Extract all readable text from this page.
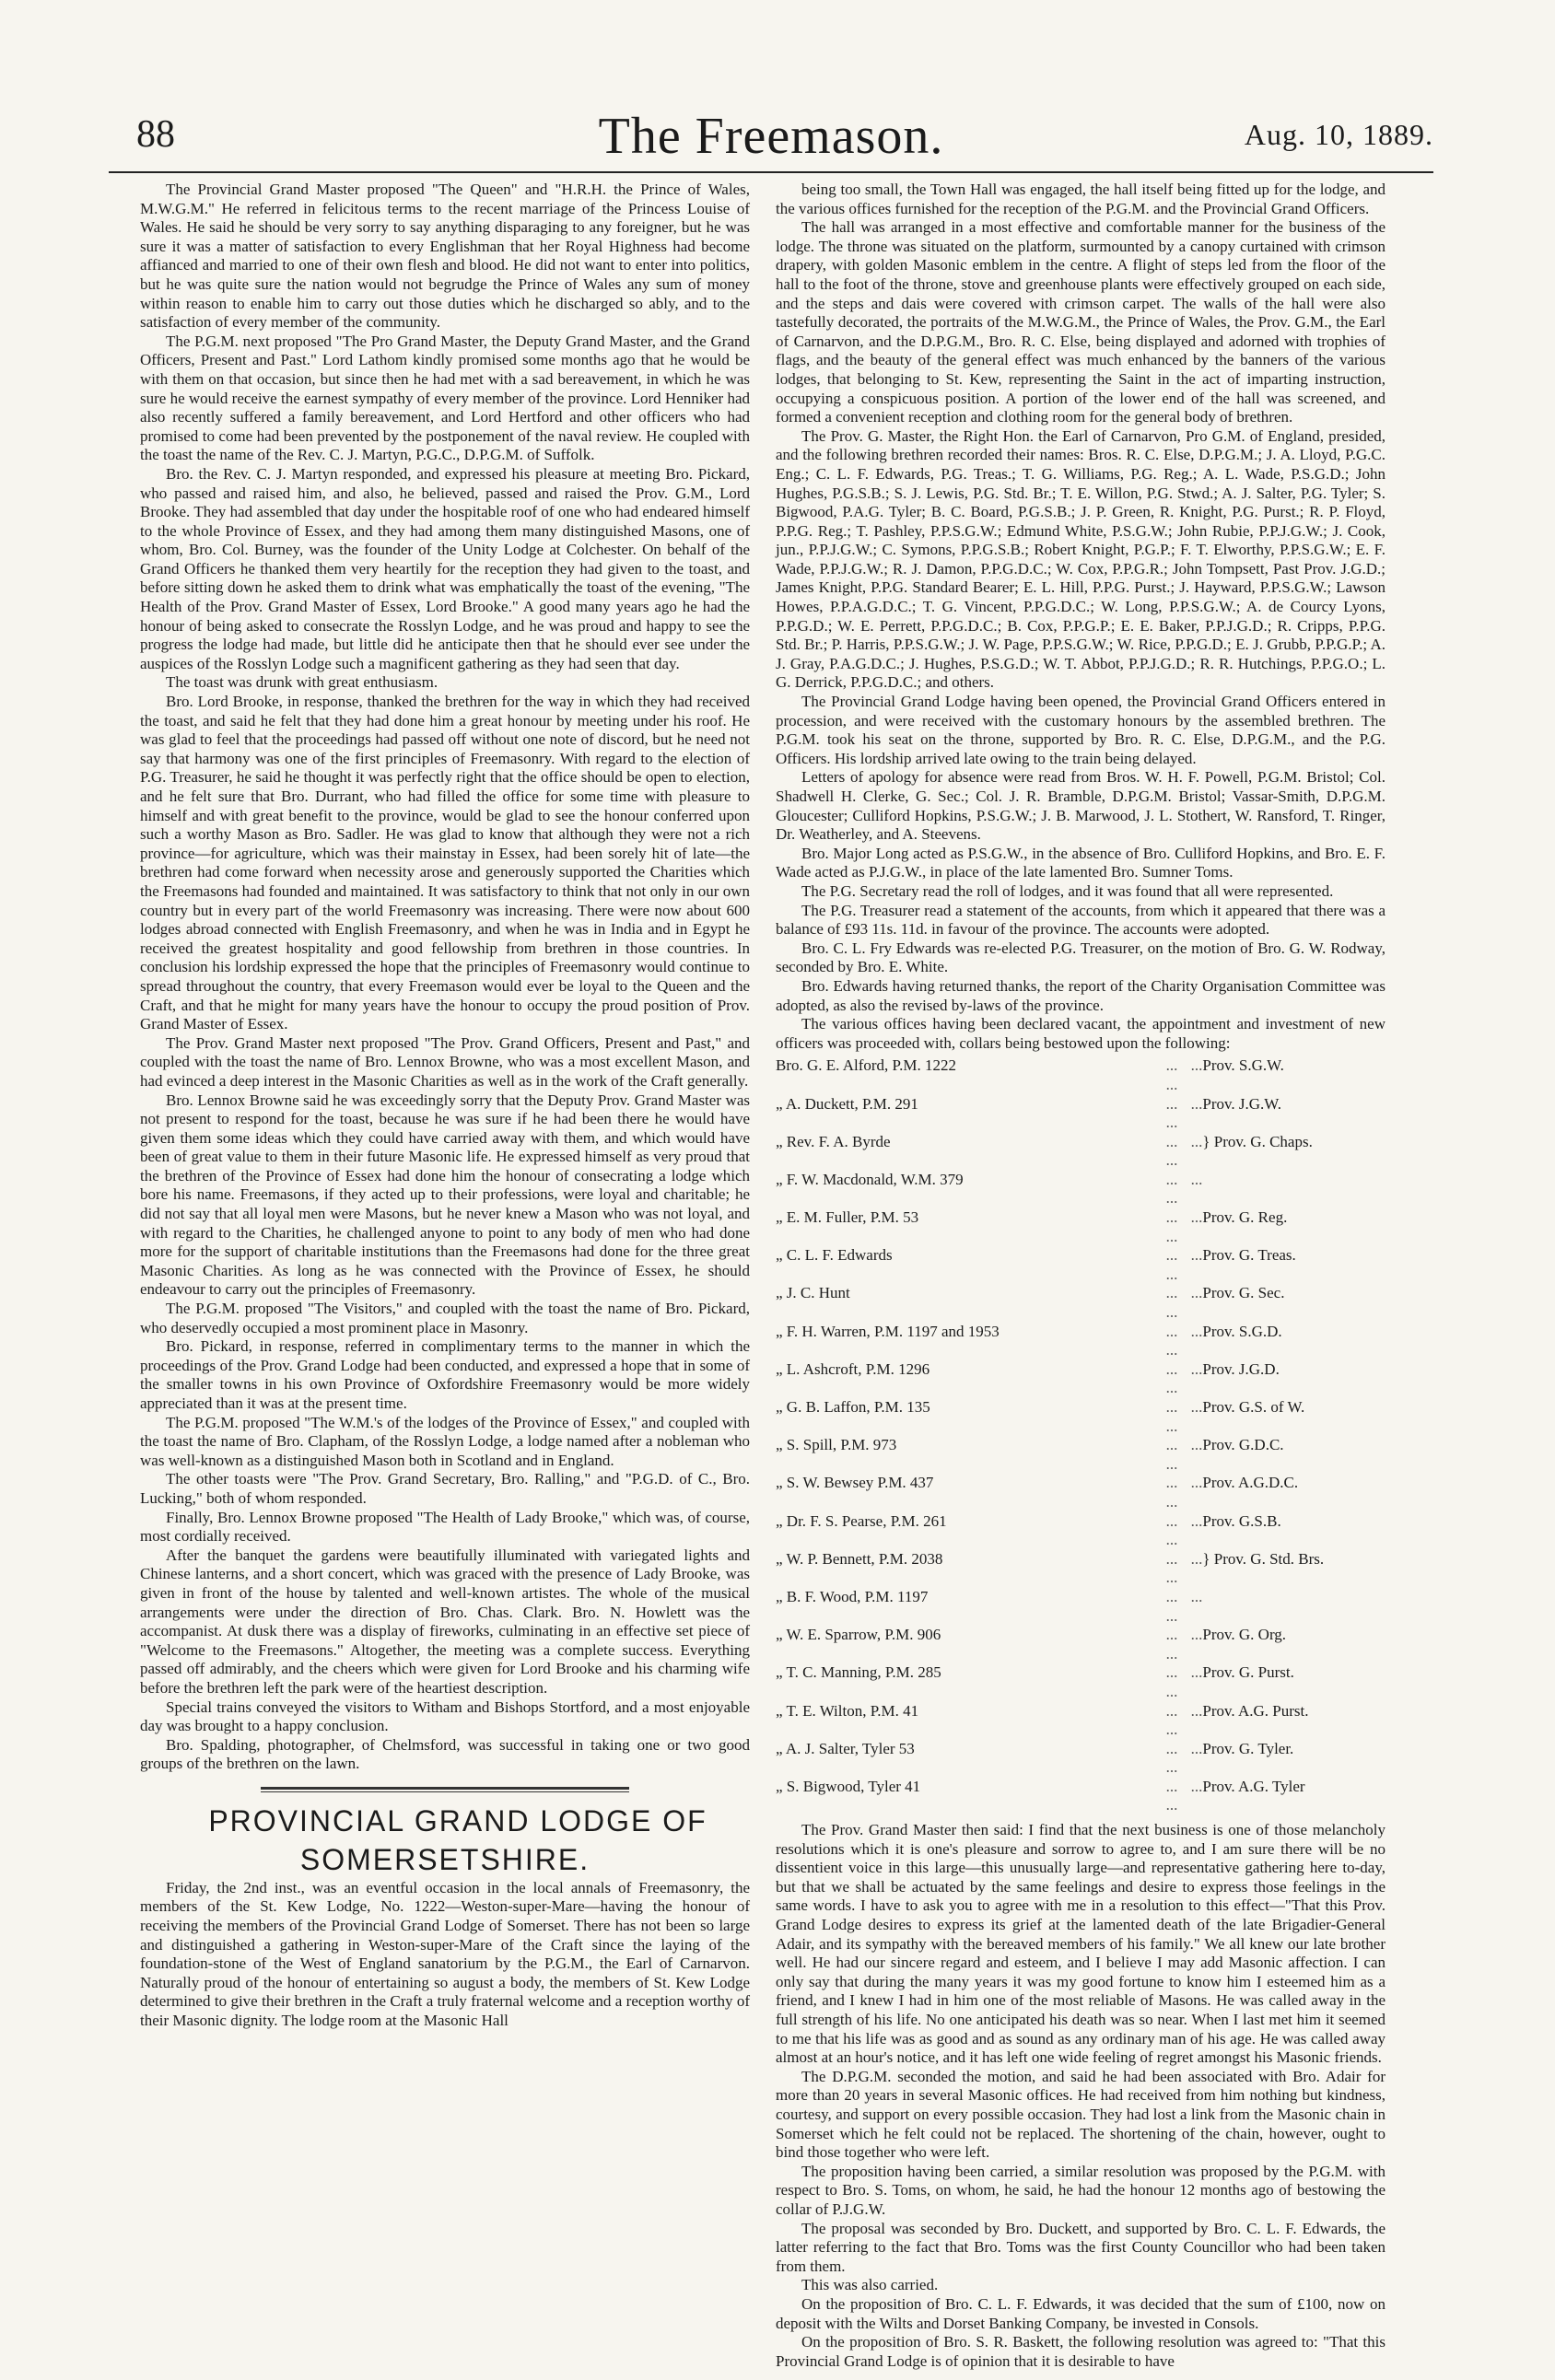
88	The Freemason.	Aug. 10, 1889.

The Provincial Grand Master proposed "The Queen" and "H.R.H. the Prince of Wales, M.W.G.M." He referred in felicitous terms to the recent marriage of the Princess Louise of Wales. He said he should be very sorry to say anything disparaging to any foreigner, but he was sure it was a matter of satisfaction to every Englishman that her Royal Highness had become affianced and married to one of their own flesh and blood. He did not want to enter into politics, but he was quite sure the nation would not begrudge the Prince of Wales any sum of money within reason to enable him to carry out those duties which he discharged so ably, and to the satisfaction of every member of the community.

The P.G.M. next proposed "The Pro Grand Master, the Deputy Grand Master, and the Grand Officers, Present and Past." Lord Lathom kindly promised some months ago that he would be with them on that occasion, but since then he had met with a sad bereavement, in which he was sure he would receive the earnest sympathy of every member of the province. Lord Henniker had also recently suffered a family bereavement, and Lord Hertford and other officers who had promised to come had been prevented by the postponement of the naval review. He coupled with the toast the name of the Rev. C. J. Martyn, P.G.C., D.P.G.M. of Suffolk.

Bro. the Rev. C. J. Martyn responded, and expressed his pleasure at meeting Bro. Pickard, who passed and raised him, and also, he believed, passed and raised the Prov. G.M., Lord Brooke. They had assembled that day under the hospitable roof of one who had endeared himself to the whole Province of Essex, and they had among them many distinguished Masons, one of whom, Bro. Col. Burney, was the founder of the Unity Lodge at Colchester. On behalf of the Grand Officers he thanked them very heartily for the reception they had given to the toast, and before sitting down he asked them to drink what was emphatically the toast of the evening, "The Health of the Prov. Grand Master of Essex, Lord Brooke." A good many years ago he had the honour of being asked to consecrate the Rosslyn Lodge, and he was proud and happy to see the progress the lodge had made, but little did he anticipate then that he should ever see under the auspices of the Rosslyn Lodge such a magnificent gathering as they had seen that day.

The toast was drunk with great enthusiasm.

Bro. Lord Brooke, in response, thanked the brethren for the way in which they had received the toast, and said he felt that they had done him a great honour by meeting under his roof. He was glad to feel that the proceedings had passed off without one note of discord, but he need not say that harmony was one of the first principles of Freemasonry. With regard to the election of P.G. Treasurer, he said he thought it was perfectly right that the office should be open to election, and he felt sure that Bro. Durrant, who had filled the office for some time with pleasure to himself and with great benefit to the province, would be glad to see the honour conferred upon such a worthy Mason as Bro. Sadler. He was glad to know that although they were not a rich province—for agriculture, which was their mainstay in Essex, had been sorely hit of late—the brethren had come forward when necessity arose and generously supported the Charities which the Freemasons had founded and maintained. It was satisfactory to think that not only in our own country but in every part of the world Freemasonry was increasing. There were now about 600 lodges abroad connected with English Freemasonry, and when he was in India and in Egypt he received the greatest hospitality and good fellowship from brethren in those countries. In conclusion his lordship expressed the hope that the principles of Freemasonry would continue to spread throughout the country, that every Freemason would ever be loyal to the Queen and the Craft, and that he might for many years have the honour to occupy the proud position of Prov. Grand Master of Essex.

The Prov. Grand Master next proposed "The Prov. Grand Officers, Present and Past," and coupled with the toast the name of Bro. Lennox Browne, who was a most excellent Mason, and had evinced a deep interest in the Masonic Charities as well as in the work of the Craft generally.

Bro. Lennox Browne said he was exceedingly sorry that the Deputy Prov. Grand Master was not present to respond for the toast, because he was sure if he had been there he would have given them some ideas which they could have carried away with them, and which would have been of great value to them in their future Masonic life. He expressed himself as very proud that the brethren of the Province of Essex had done him the honour of consecrating a lodge which bore his name. Freemasons, if they acted up to their professions, were loyal and charitable; he did not say that all loyal men were Masons, but he never knew a Mason who was not loyal, and with regard to the Charities, he challenged anyone to point to any body of men who had done more for the support of charitable institutions than the Freemasons had done for the three great Masonic Charities. As long as he was connected with the Province of Essex, he should endeavour to carry out the principles of Freemasonry.

The P.G.M. proposed "The Visitors," and coupled with the toast the name of Bro. Pickard, who deservedly occupied a most prominent place in Masonry.

Bro. Pickard, in response, referred in complimentary terms to the manner in which the proceedings of the Prov. Grand Lodge had been conducted, and expressed a hope that in some of the smaller towns in his own Province of Oxfordshire Freemasonry would be more widely appreciated than it was at the present time.

The P.G.M. proposed "The W.M.'s of the lodges of the Province of Essex," and coupled with the toast the name of Bro. Clapham, of the Rosslyn Lodge, a lodge named after a nobleman who was well-known as a distinguished Mason both in Scotland and in England.

The other toasts were "The Prov. Grand Secretary, Bro. Ralling," and "P.G.D. of C., Bro. Lucking," both of whom responded.

Finally, Bro. Lennox Browne proposed "The Health of Lady Brooke," which was, of course, most cordially received.

After the banquet the gardens were beautifully illuminated with variegated lights and Chinese lanterns, and a short concert, which was graced with the presence of Lady Brooke, was given in front of the house by talented and well-known artistes. The whole of the musical arrangements were under the direction of Bro. Chas. Clark. Bro. N. Howlett was the accompanist. At dusk there was a display of fireworks, culminating in an effective set piece of "Welcome to the Freemasons." Altogether, the meeting was a complete success. Everything passed off admirably, and the cheers which were given for Lord Brooke and his charming wife before the brethren left the park were of the heartiest description.

Special trains conveyed the visitors to Witham and Bishops Stortford, and a most enjoyable day was brought to a happy conclusion.

Bro. Spalding, photographer, of Chelmsford, was successful in taking one or two good groups of the brethren on the lawn.

PROVINCIAL GRAND LODGE OF SOMERSETSHIRE.

Friday, the 2nd inst., was an eventful occasion in the local annals of Freemasonry, the members of the St. Kew Lodge, No. 1222—Weston-super-Mare—having the honour of receiving the members of the Provincial Grand Lodge of Somerset. There has not been so large and distinguished a gathering in Weston-super-Mare of the Craft since the laying of the foundation-stone of the West of England sanatorium by the P.G.M., the Earl of Carnarvon. Naturally proud of the honour of entertaining so august a body, the members of St. Kew Lodge determined to give their brethren in the Craft a truly fraternal welcome and a reception worthy of their Masonic dignity. The lodge room at the Masonic Hall

being too small, the Town Hall was engaged, the hall itself being fitted up for the lodge, and the various offices furnished for the reception of the P.G.M. and the Provincial Grand Officers.

The hall was arranged in a most effective and comfortable manner for the business of the lodge. The throne was situated on the platform, surmounted by a canopy curtained with crimson drapery, with golden Masonic emblem in the centre. A flight of steps led from the floor of the hall to the foot of the throne, stove and greenhouse plants were effectively grouped on each side, and the steps and dais were covered with crimson carpet. The walls of the hall were also tastefully decorated, the portraits of the M.W.G.M., the Prince of Wales, the Prov. G.M., the Earl of Carnarvon, and the D.P.G.M., Bro. R. C. Else, being displayed and adorned with trophies of flags, and the beauty of the general effect was much enhanced by the banners of the various lodges, that belonging to St. Kew, representing the Saint in the act of imparting instruction, occupying a conspicuous position. A portion of the lower end of the hall was screened, and formed a convenient reception and clothing room for the general body of brethren.

The Prov. G. Master, the Right Hon. the Earl of Carnarvon, Pro G.M. of England, presided, and the following brethren recorded their names: Bros. R. C. Else, D.P.G.M.; J. A. Lloyd, P.G.C. Eng.; C. L. F. Edwards, P.G. Treas.; T. G. Williams, P.G. Reg.; A. L. Wade, P.S.G.D.; John Hughes, P.G.S.B.; S. J. Lewis, P.G. Std. Br.; T. E. Willon, P.G. Stwd.; A. J. Salter, P.G. Tyler; S. Bigwood, P.A.G. Tyler; B. C. Board, P.G.S.B.; J. P. Green, R. Knight, P.G. Purst.; R. P. Floyd, P.P.G. Reg.; T. Pashley, P.P.S.G.W.; Edmund White, P.S.G.W.; John Rubie, P.P.J.G.W.; J. Cook, jun., P.P.J.G.W.; C. Symons, P.P.G.S.B.; Robert Knight, P.G.P.; F. T. Elworthy, P.P.S.G.W.; E. F. Wade, P.P.J.G.W.; R. J. Damon, P.P.G.D.C.; W. Cox, P.P.G.R.; John Tompsett, Past Prov. J.G.D.; James Knight, P.P.G. Standard Bearer; E. L. Hill, P.P.G. Purst.; J. Hayward, P.P.S.G.W.; Lawson Howes, P.P.A.G.D.C.; T. G. Vincent, P.P.G.D.C.; W. Long, P.P.S.G.W.; A. de Courcy Lyons, P.P.G.D.; W. E. Perrett, P.P.G.D.C.; B. Cox, P.P.G.P.; E. E. Baker, P.P.J.G.D.; R. Cripps, P.P.G. Std. Br.; P. Harris, P.P.S.G.W.; J. W. Page, P.P.S.G.W.; W. Rice, P.P.G.D.; E. J. Grubb, P.P.G.P.; A. J. Gray, P.A.G.D.C.; J. Hughes, P.S.G.D.; W. T. Abbot, P.P.J.G.D.; R. R. Hutchings, P.P.G.O.; L. G. Derrick, P.P.G.D.C.; and others.

The Provincial Grand Lodge having been opened, the Provincial Grand Officers entered in procession, and were received with the customary honours by the assembled brethren. The P.G.M. took his seat on the throne, supported by Bro. R. C. Else, D.P.G.M., and the P.G. Officers. His lordship arrived late owing to the train being delayed.

Letters of apology for absence were read from Bros. W. H. F. Powell, P.G.M. Bristol; Col. Shadwell H. Clerke, G. Sec.; Col. J. R. Bramble, D.P.G.M. Bristol; Vassar-Smith, D.P.G.M. Gloucester; Culliford Hopkins, P.S.G.W.; J. B. Marwood, J. L. Stothert, W. Ransford, T. Ringer, Dr. Weatherley, and A. Steevens.

Bro. Major Long acted as P.S.G.W., in the absence of Bro. Culliford Hopkins, and Bro. E. F. Wade acted as P.J.G.W., in place of the late lamented Bro. Sumner Toms.

The P.G. Secretary read the roll of lodges, and it was found that all were represented.

The P.G. Treasurer read a statement of the accounts, from which it appeared that there was a balance of £93 11s. 11d. in favour of the province. The accounts were adopted.

Bro. C. L. Fry Edwards was re-elected P.G. Treasurer, on the motion of Bro. G. W. Rodway, seconded by Bro. E. White.

Bro. Edwards having returned thanks, the report of the Charity Organisation Committee was adopted, as also the revised by-laws of the province.

The various offices having been declared vacant, the appointment and investment of new officers was proceeded with, collars being bestowed upon the following:

Bro. G. E. Alford, P.M. 1222	... ... ...	Prov. S.G.W.
„ A. Duckett, P.M. 291	... ... ...	Prov. J.G.W.
„ Rev. F. A. Byrde	... ... ...	} Prov. G. Chaps.
„ F. W. Macdonald, W.M. 379	... ... ...	
„ E. M. Fuller, P.M. 53	... ... ...	Prov. G. Reg.
„ C. L. F. Edwards	... ... ...	Prov. G. Treas.
„ J. C. Hunt	... ... ...	Prov. G. Sec.
„ F. H. Warren, P.M. 1197 and 1953	... ... ...	Prov. S.G.D.
„ L. Ashcroft, P.M. 1296	... ... ...	Prov. J.G.D.
„ G. B. Laffon, P.M. 135	... ... ...	Prov. G.S. of W.
„ S. Spill, P.M. 973	... ... ...	Prov. G.D.C.
„ S. W. Bewsey P.M. 437	... ... ...	Prov. A.G.D.C.
„ Dr. F. S. Pearse, P.M. 261	... ... ...	Prov. G.S.B.
„ W. P. Bennett, P.M. 2038	... ... ...	} Prov. G. Std. Brs.
„ B. F. Wood, P.M. 1197	... ... ...	
„ W. E. Sparrow, P.M. 906	... ... ...	Prov. G. Org.
„ T. C. Manning, P.M. 285	... ... ...	Prov. G. Purst.
„ T. E. Wilton, P.M. 41	... ... ...	Prov. A.G. Purst.
„ A. J. Salter, Tyler 53	... ... ...	Prov. G. Tyler.
„ S. Bigwood, Tyler 41	... ... ...	Prov. A.G. Tyler

The Prov. Grand Master then said: I find that the next business is one of those melancholy resolutions which it is one's pleasure and sorrow to agree to, and I am sure there will be no dissentient voice in this large—this unusually large—and representative gathering here to-day, but that we shall be actuated by the same feelings and desire to express those feelings in the same words. I have to ask you to agree with me in a resolution to this effect—"That this Prov. Grand Lodge desires to express its grief at the lamented death of the late Brigadier-General Adair, and its sympathy with the bereaved members of his family." We all knew our late brother well. He had our sincere regard and esteem, and I believe I may add Masonic affection. I can only say that during the many years it was my good fortune to know him I esteemed him as a friend, and I knew I had in him one of the most reliable of Masons. He was called away in the full strength of his life. No one anticipated his death was so near. When I last met him it seemed to me that his life was as good and as sound as any ordinary man of his age. He was called away almost at an hour's notice, and it has left one wide feeling of regret amongst his Masonic friends.

The D.P.G.M. seconded the motion, and said he had been associated with Bro. Adair for more than 20 years in several Masonic offices. He had received from him nothing but kindness, courtesy, and support on every possible occasion. They had lost a link from the Masonic chain in Somerset which he felt could not be replaced. The shortening of the chain, however, ought to bind those together who were left.

The proposition having been carried, a similar resolution was proposed by the P.G.M. with respect to Bro. S. Toms, on whom, he said, he had the honour 12 months ago of bestowing the collar of P.J.G.W.

The proposal was seconded by Bro. Duckett, and supported by Bro. C. L. F. Edwards, the latter referring to the fact that Bro. Toms was the first County Councillor who had been taken from them.

This was also carried.

On the proposition of Bro. C. L. F. Edwards, it was decided that the sum of £100, now on deposit with the Wilts and Dorset Banking Company, be invested in Consols.

On the proposition of Bro. S. R. Baskett, the following resolution was agreed to: "That this Provincial Grand Lodge is of opinion that it is desirable to have
